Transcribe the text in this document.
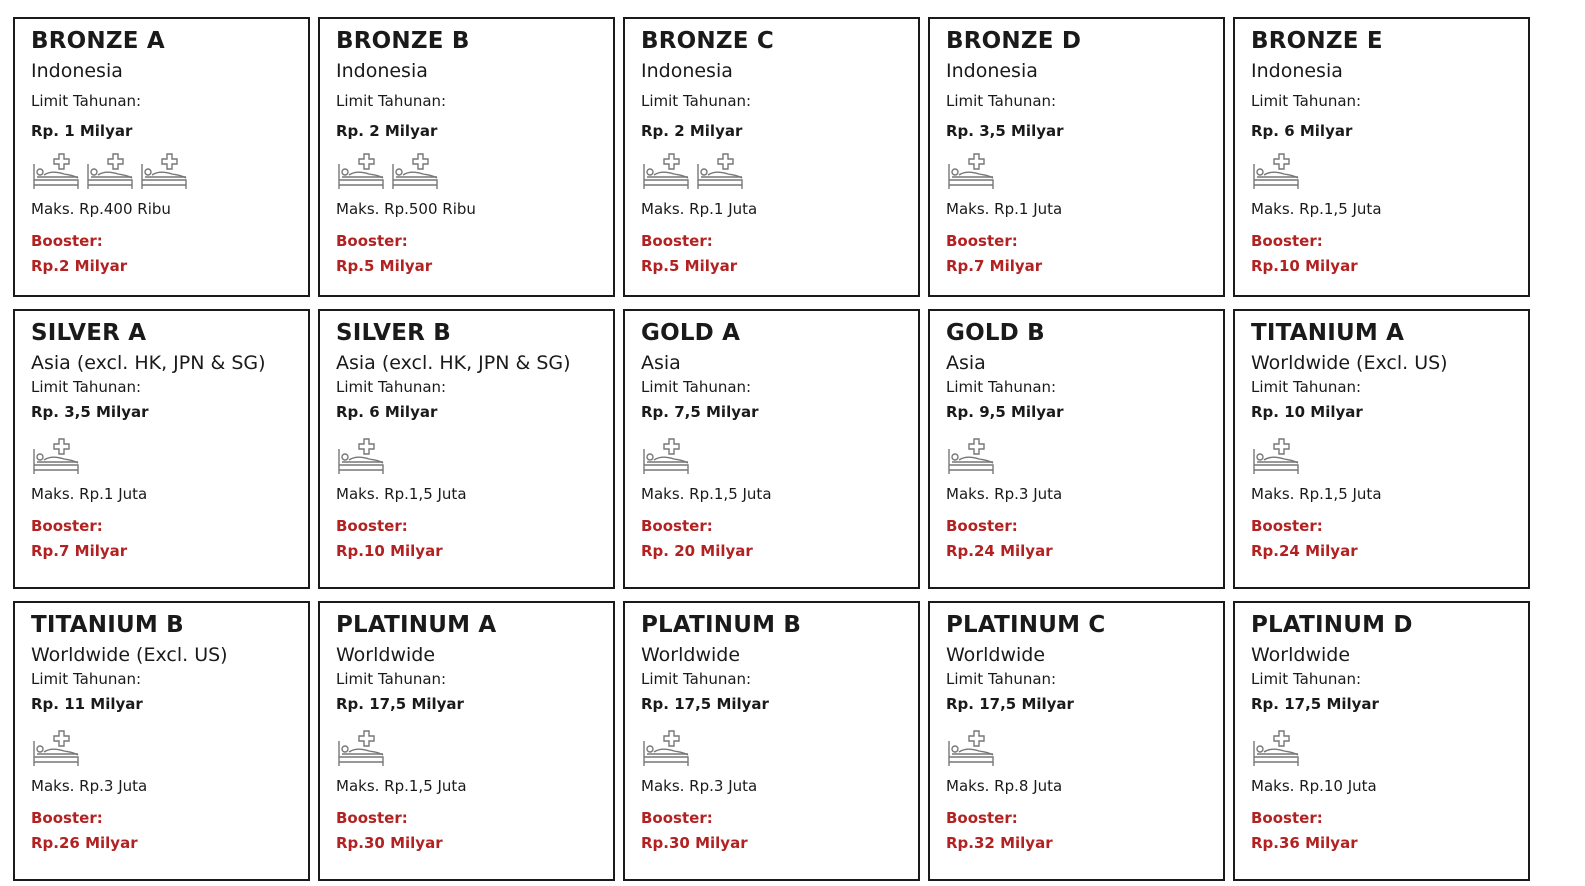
BRONZE A
Indonesia
Limit Tahunan:
Rp. 1 Milyar
Maks. Rp.400 Ribu
Booster:
Rp.2 Milyar
BRONZE B
Indonesia
Limit Tahunan:
Rp. 2 Milyar
Maks. Rp.500 Ribu
Booster:
Rp.5 Milyar
BRONZE C
Indonesia
Limit Tahunan:
Rp. 2 Milyar
Maks. Rp.1 Juta
Booster:
Rp.5 Milyar
BRONZE D
Indonesia
Limit Tahunan:
Rp. 3,5 Milyar
Maks. Rp.1 Juta
Booster:
Rp.7 Milyar
BRONZE E
Indonesia
Limit Tahunan:
Rp. 6 Milyar
Maks. Rp.1,5 Juta
Booster:
Rp.10 Milyar
SILVER A
Asia (excl. HK, JPN & SG)
Limit Tahunan:
Rp. 3,5 Milyar
Maks. Rp.1 Juta
Booster:
Rp.7 Milyar
SILVER B
Asia (excl. HK, JPN & SG)
Limit Tahunan:
Rp. 6 Milyar
Maks. Rp.1,5 Juta
Booster:
Rp.10 Milyar
GOLD A
Asia
Limit Tahunan:
Rp. 7,5 Milyar
Maks. Rp.1,5 Juta
Booster:
Rp. 20 Milyar
GOLD B
Asia
Limit Tahunan:
Rp. 9,5 Milyar
Maks. Rp.3 Juta
Booster:
Rp.24 Milyar
TITANIUM A
Worldwide (Excl. US)
Limit Tahunan:
Rp. 10 Milyar
Maks. Rp.1,5 Juta
Booster:
Rp.24 Milyar
TITANIUM B
Worldwide (Excl. US)
Limit Tahunan:
Rp. 11 Milyar
Maks. Rp.3 Juta
Booster:
Rp.26 Milyar
PLATINUM A
Worldwide
Limit Tahunan:
Rp. 17,5 Milyar
Maks. Rp.1,5 Juta
Booster:
Rp.30 Milyar
PLATINUM B
Worldwide
Limit Tahunan:
Rp. 17,5 Milyar
Maks. Rp.3 Juta
Booster:
Rp.30 Milyar
PLATINUM C
Worldwide
Limit Tahunan:
Rp. 17,5 Milyar
Maks. Rp.8 Juta
Booster:
Rp.32 Milyar
PLATINUM D
Worldwide
Limit Tahunan:
Rp. 17,5 Milyar
Maks. Rp.10 Juta
Booster:
Rp.36 Milyar
